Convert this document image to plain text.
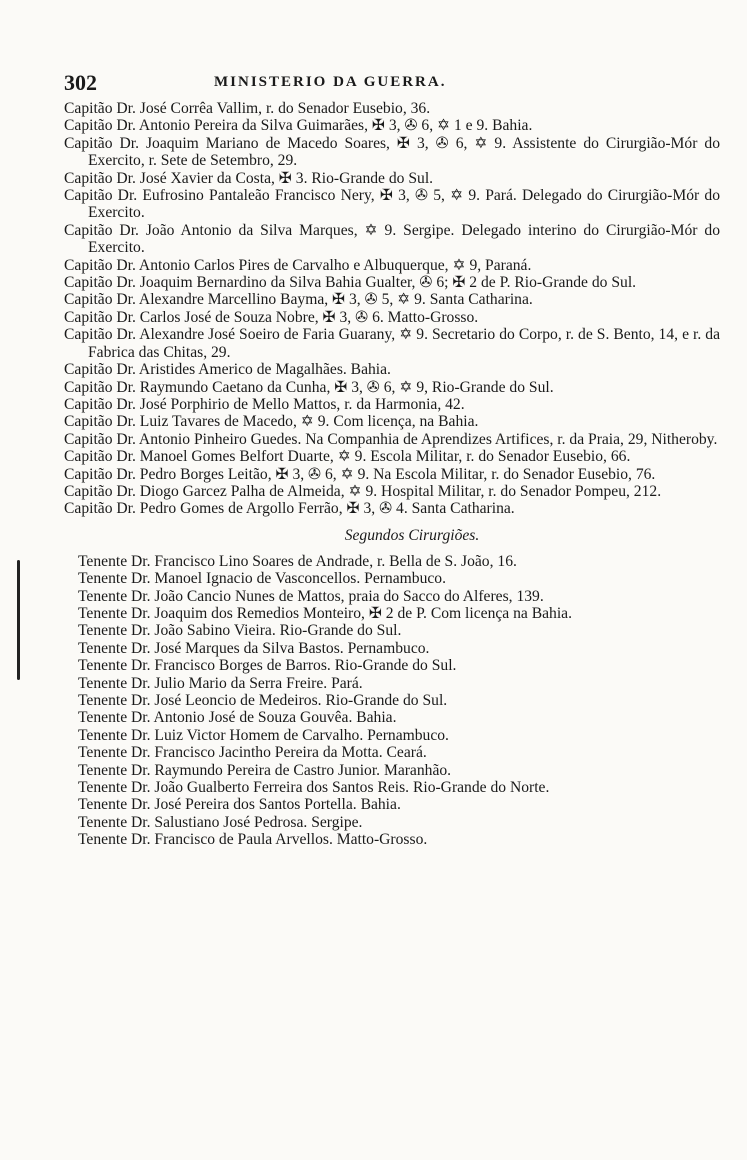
302	MINISTERIO DA GUERRA.

Capitão Dr. José Corrêa Vallim, r. do Senador Eusebio, 36.

Capitão Dr. Antonio Pereira da Silva Guimarães, ✠ 3, ✇ 6, ✡ 1 e 9. Bahia.

Capitão Dr. Joaquim Mariano de Macedo Soares, ✠ 3, ✇ 6, ✡ 9. Assistente do Cirurgião-Mór do Exercito, r. Sete de Setembro, 29.

Capitão Dr. José Xavier da Costa, ✠ 3. Rio-Grande do Sul.

Capitão Dr. Eufrosino Pantaleão Francisco Nery, ✠ 3, ✇ 5, ✡ 9. Pará. Delegado do Cirurgião-Mór do Exercito.

Capitão Dr. João Antonio da Silva Marques, ✡ 9. Sergipe. Delegado interino do Cirurgião-Mór do Exercito.

Capitão Dr. Antonio Carlos Pires de Carvalho e Albuquerque, ✡ 9, Paraná.

Capitão Dr. Joaquim Bernardino da Silva Bahia Gualter, ✇ 6; ✠ 2 de P. Rio-Grande do Sul.

Capitão Dr. Alexandre Marcellino Bayma, ✠ 3, ✇ 5, ✡ 9. Santa Catharina.

Capitão Dr. Carlos José de Souza Nobre, ✠ 3, ✇ 6. Matto-Grosso.

Capitão Dr. Alexandre José Soeiro de Faria Guarany, ✡ 9. Secretario do Corpo, r. de S. Bento, 14, e r. da Fabrica das Chitas, 29.

Capitão Dr. Aristides Americo de Magalhães. Bahia.

Capitão Dr. Raymundo Caetano da Cunha, ✠ 3, ✇ 6, ✡ 9, Rio-Grande do Sul.

Capitão Dr. José Porphirio de Mello Mattos, r. da Harmonia, 42.

Capitão Dr. Luiz Tavares de Macedo, ✡ 9. Com licença, na Bahia.

Capitão Dr. Antonio Pinheiro Guedes. Na Companhia de Aprendizes Artifices, r. da Praia, 29, Nitheroby.

Capitão Dr. Manoel Gomes Belfort Duarte, ✡ 9. Escola Militar, r. do Senador Eusebio, 66.

Capitão Dr. Pedro Borges Leitão, ✠ 3, ✇ 6, ✡ 9. Na Escola Militar, r. do Senador Eusebio, 76.

Capitão Dr. Diogo Garcez Palha de Almeida, ✡ 9. Hospital Militar, r. do Senador Pompeu, 212.

Capitão Dr. Pedro Gomes de Argollo Ferrão, ✠ 3, ✇ 4. Santa Catharina.

Segundos Cirurgiões.

Tenente Dr. Francisco Lino Soares de Andrade, r. Bella de S. João, 16.

Tenente Dr. Manoel Ignacio de Vasconcellos. Pernambuco.

Tenente Dr. João Cancio Nunes de Mattos, praia do Sacco do Alferes, 139.

Tenente Dr. Joaquim dos Remedios Monteiro, ✠ 2 de P. Com licença na Bahia.

Tenente Dr. João Sabino Vieira. Rio-Grande do Sul.

Tenente Dr. José Marques da Silva Bastos. Pernambuco.

Tenente Dr. Francisco Borges de Barros. Rio-Grande do Sul.

Tenente Dr. Julio Mario da Serra Freire. Pará.

Tenente Dr. José Leoncio de Medeiros. Rio-Grande do Sul.

Tenente Dr. Antonio José de Souza Gouvêa. Bahia.

Tenente Dr. Luiz Victor Homem de Carvalho. Pernambuco.

Tenente Dr. Francisco Jacintho Pereira da Motta. Ceará.

Tenente Dr. Raymundo Pereira de Castro Junior. Maranhão.

Tenente Dr. João Gualberto Ferreira dos Santos Reis. Rio-Grande do Norte.

Tenente Dr. José Pereira dos Santos Portella. Bahia.

Tenente Dr. Salustiano José Pedrosa. Sergipe.

Tenente Dr. Francisco de Paula Arvellos. Matto-Grosso.
